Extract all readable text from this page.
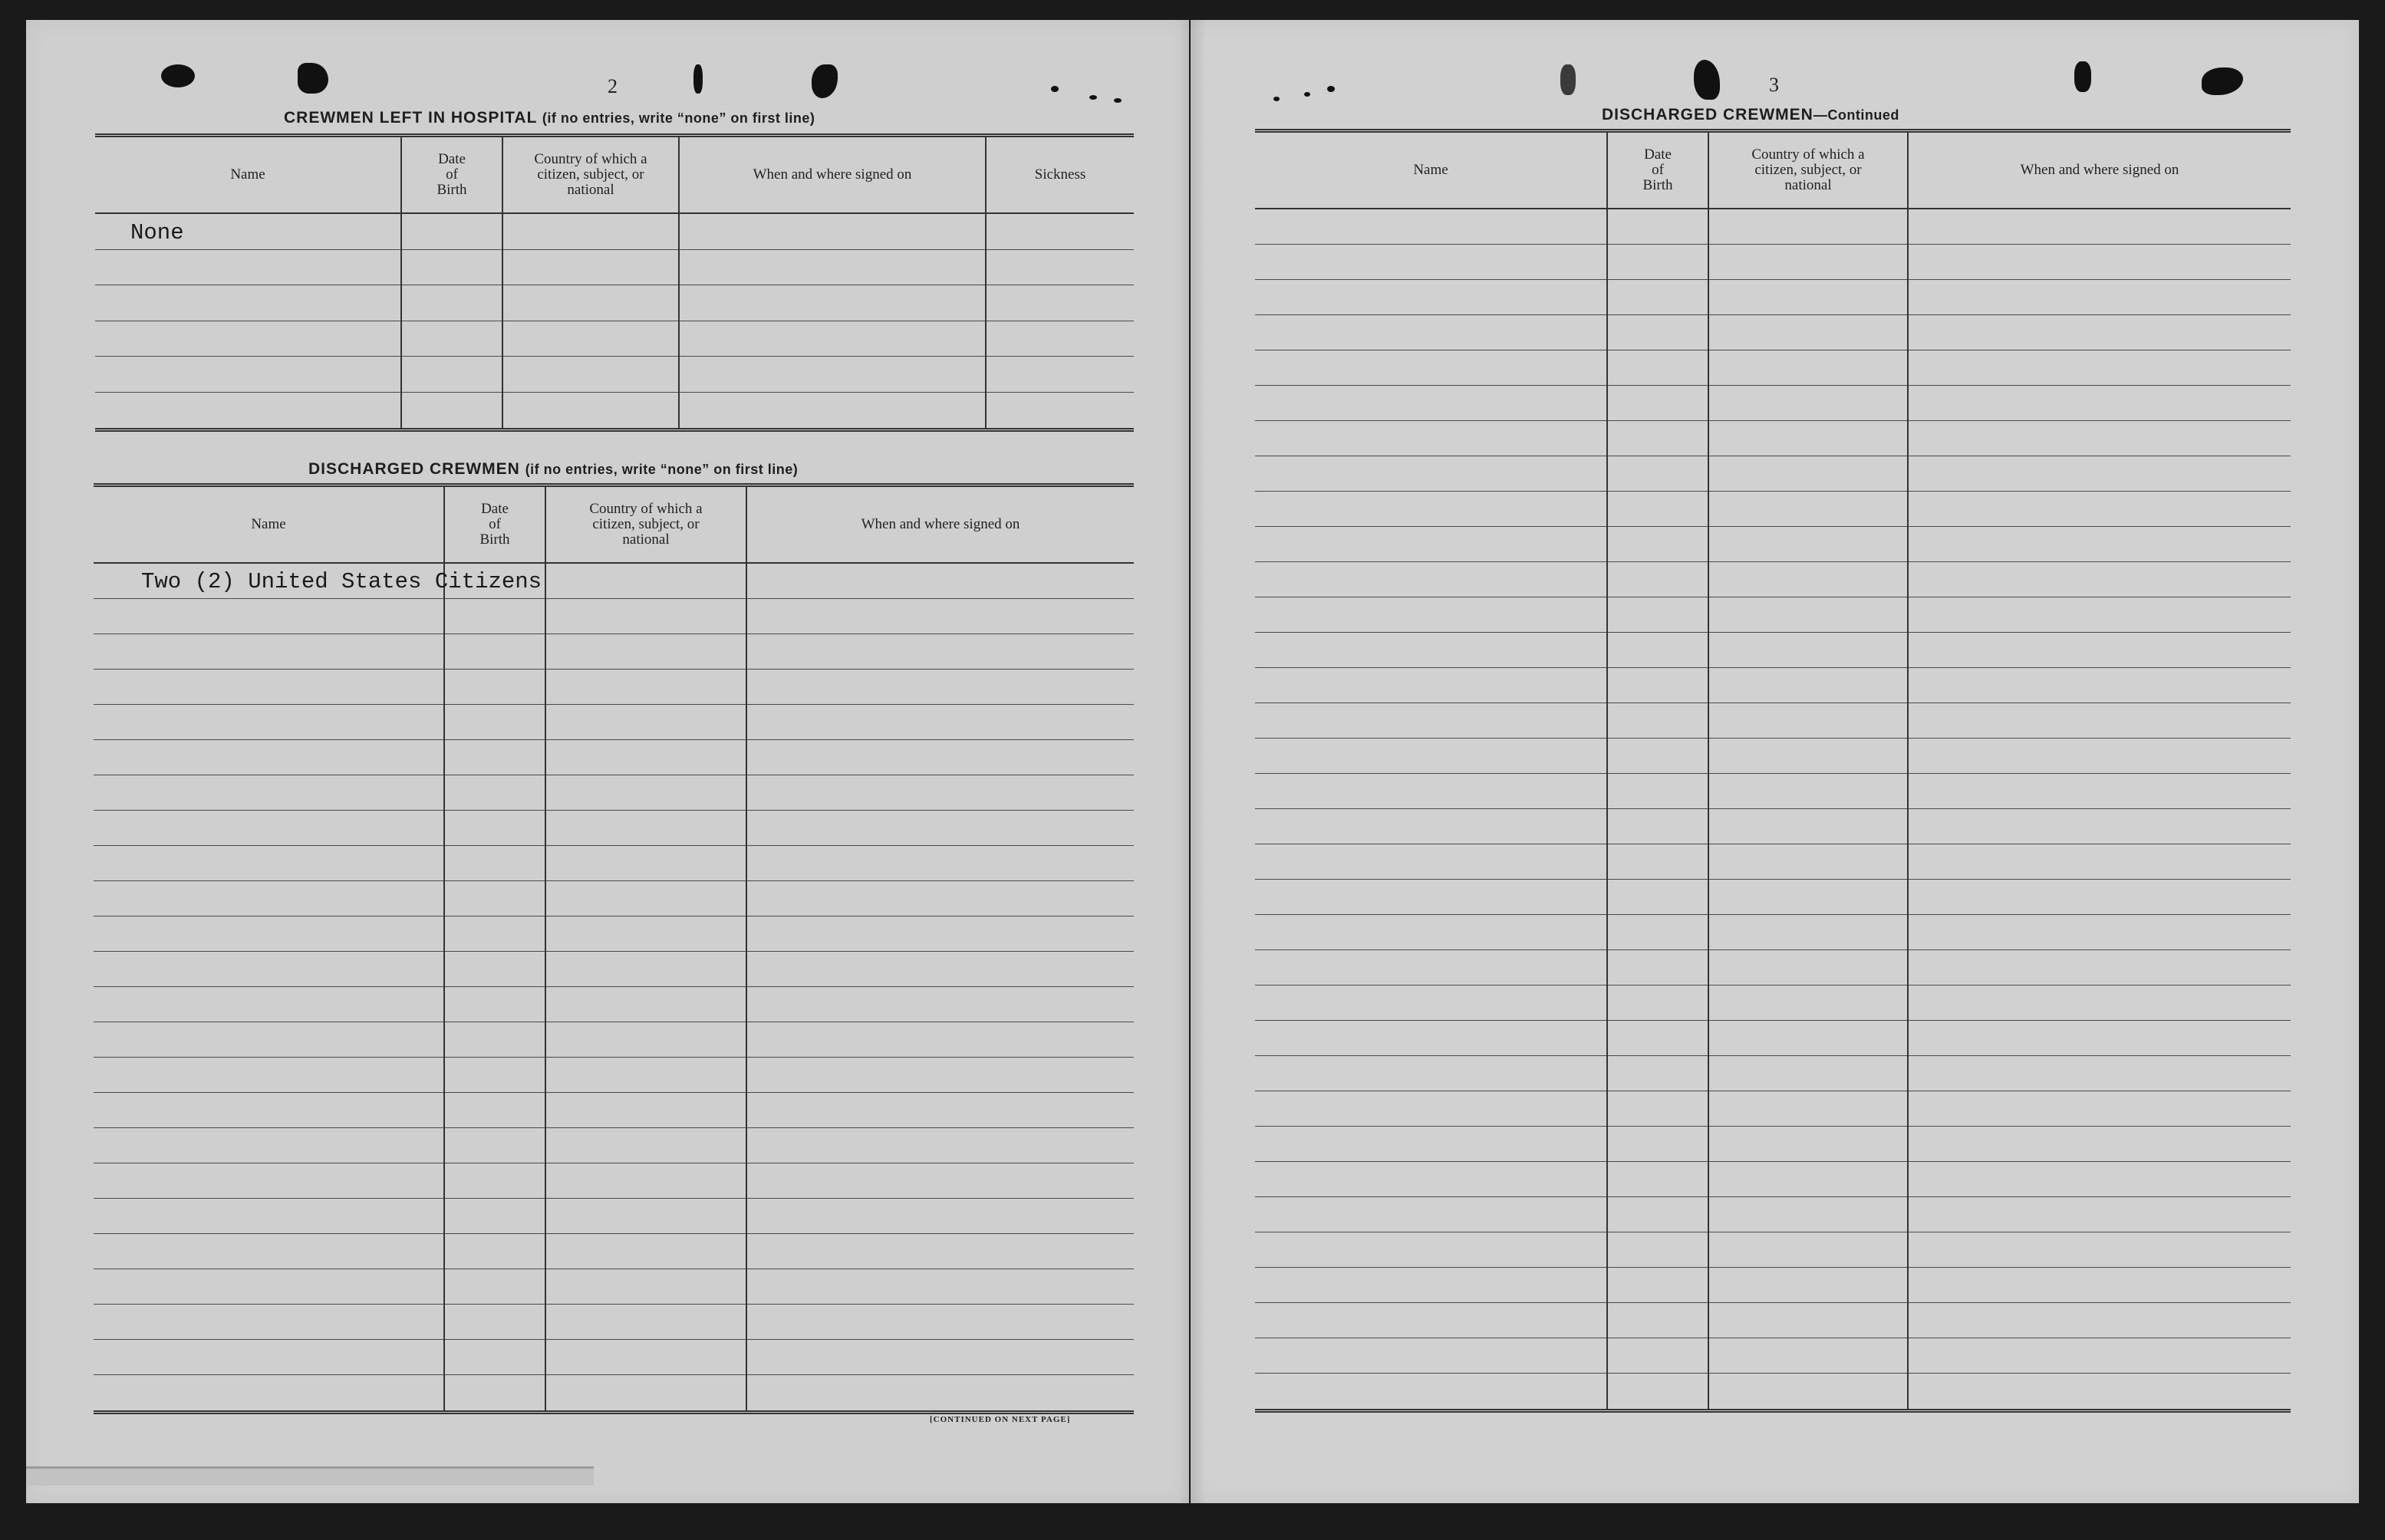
2
CREWMEN LEFT IN HOSPITAL (if no entries, write “none” on first line)
Name
Date
of
Birth
Country of which a
citizen, subject, or
national
When and where signed on	Sickness
None
DISCHARGED CREWMEN (if no entries, write “none” on first line)
Name
Date
of
Birth
Country of which a
citizen, subject, or
national
When and where signed on
Two (2) United States Citizens
[CONTINUED ON NEXT PAGE]
3
DISCHARGED CREWMEN—Continued
Name
Date
of
Birth
Country of which a
citizen, subject, or
national
When and where signed on
